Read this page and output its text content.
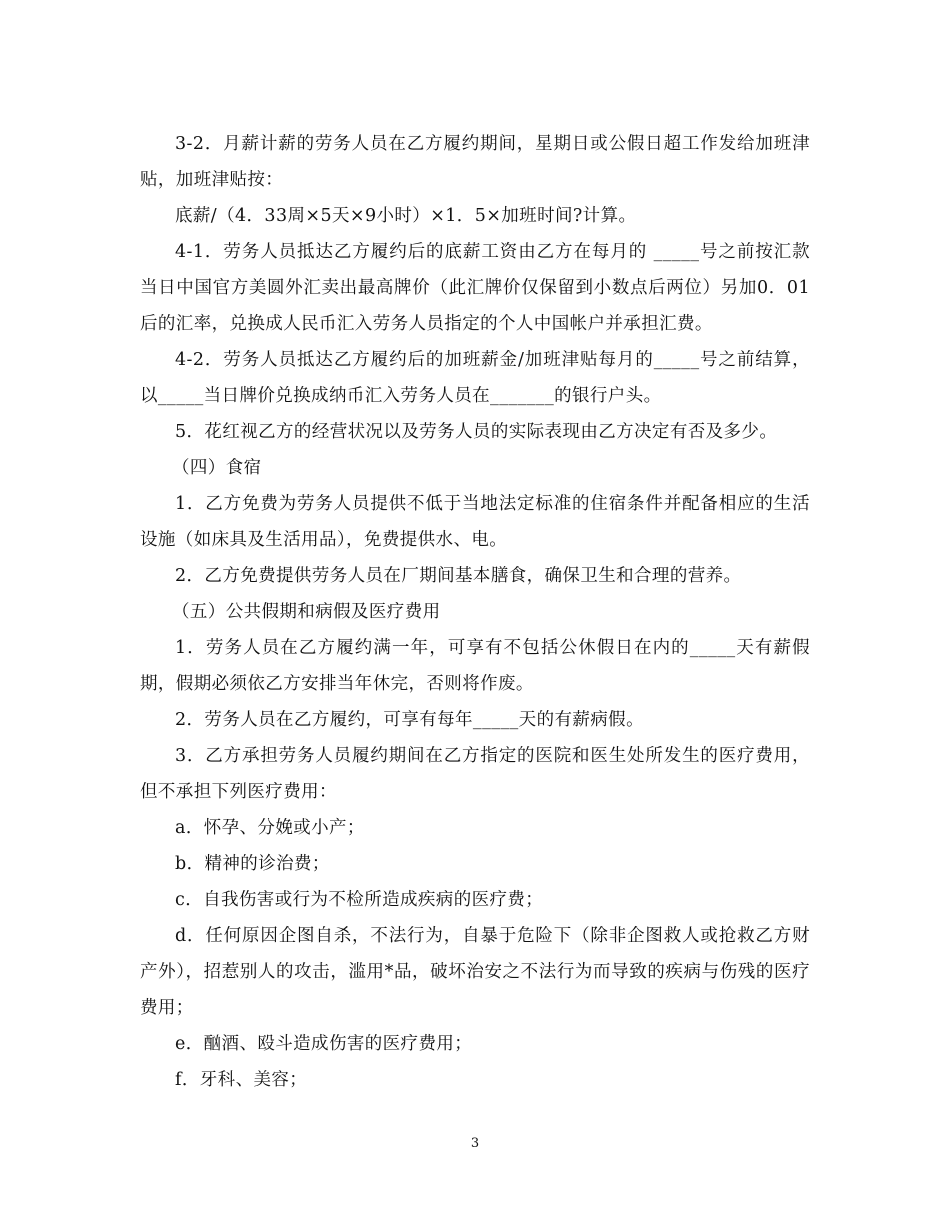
3-2．月薪计薪的劳务人员在乙方履约期间，星期日或公假日超工作发给加班津贴，加班津贴按：

底薪/（4．33周×5天×9小时）×1．5×加班时间?计算。

4-1．劳务人员抵达乙方履约后的底薪工资由乙方在每月的 _____号之前按汇款当日中国官方美圆外汇卖出最高牌价（此汇牌价仅保留到小数点后两位）另加0．01后的汇率，兑换成人民币汇入劳务人员指定的个人中国帐户并承担汇费。

4-2．劳务人员抵达乙方履约后的加班薪金/加班津贴每月的_____号之前结算，以_____当日牌价兑换成纳币汇入劳务人员在_______的银行户头。

5．花红视乙方的经营状况以及劳务人员的实际表现由乙方决定有否及多少。

（四）食宿

1．乙方免费为劳务人员提供不低于当地法定标准的住宿条件并配备相应的生活设施（如床具及生活用品），免费提供水、电。

2．乙方免费提供劳务人员在厂期间基本膳食，确保卫生和合理的营养。

（五）公共假期和病假及医疗费用

1．劳务人员在乙方履约满一年，可享有不包括公休假日在内的_____天有薪假期，假期必须依乙方安排当年休完，否则将作废。

2．劳务人员在乙方履约，可享有每年_____天的有薪病假。

3．乙方承担劳务人员履约期间在乙方指定的医院和医生处所发生的医疗费用，但不承担下列医疗费用：

a．怀孕、分娩或小产；

b．精神的诊治费；

c．自我伤害或行为不检所造成疾病的医疗费；

d．任何原因企图自杀，不法行为，自暴于危险下（除非企图救人或抢救乙方财产外），招惹别人的攻击，滥用*品，破坏治安之不法行为而导致的疾病与伤残的医疗费用；

e．酗酒、殴斗造成伤害的医疗费用；

f．牙科、美容；

3
